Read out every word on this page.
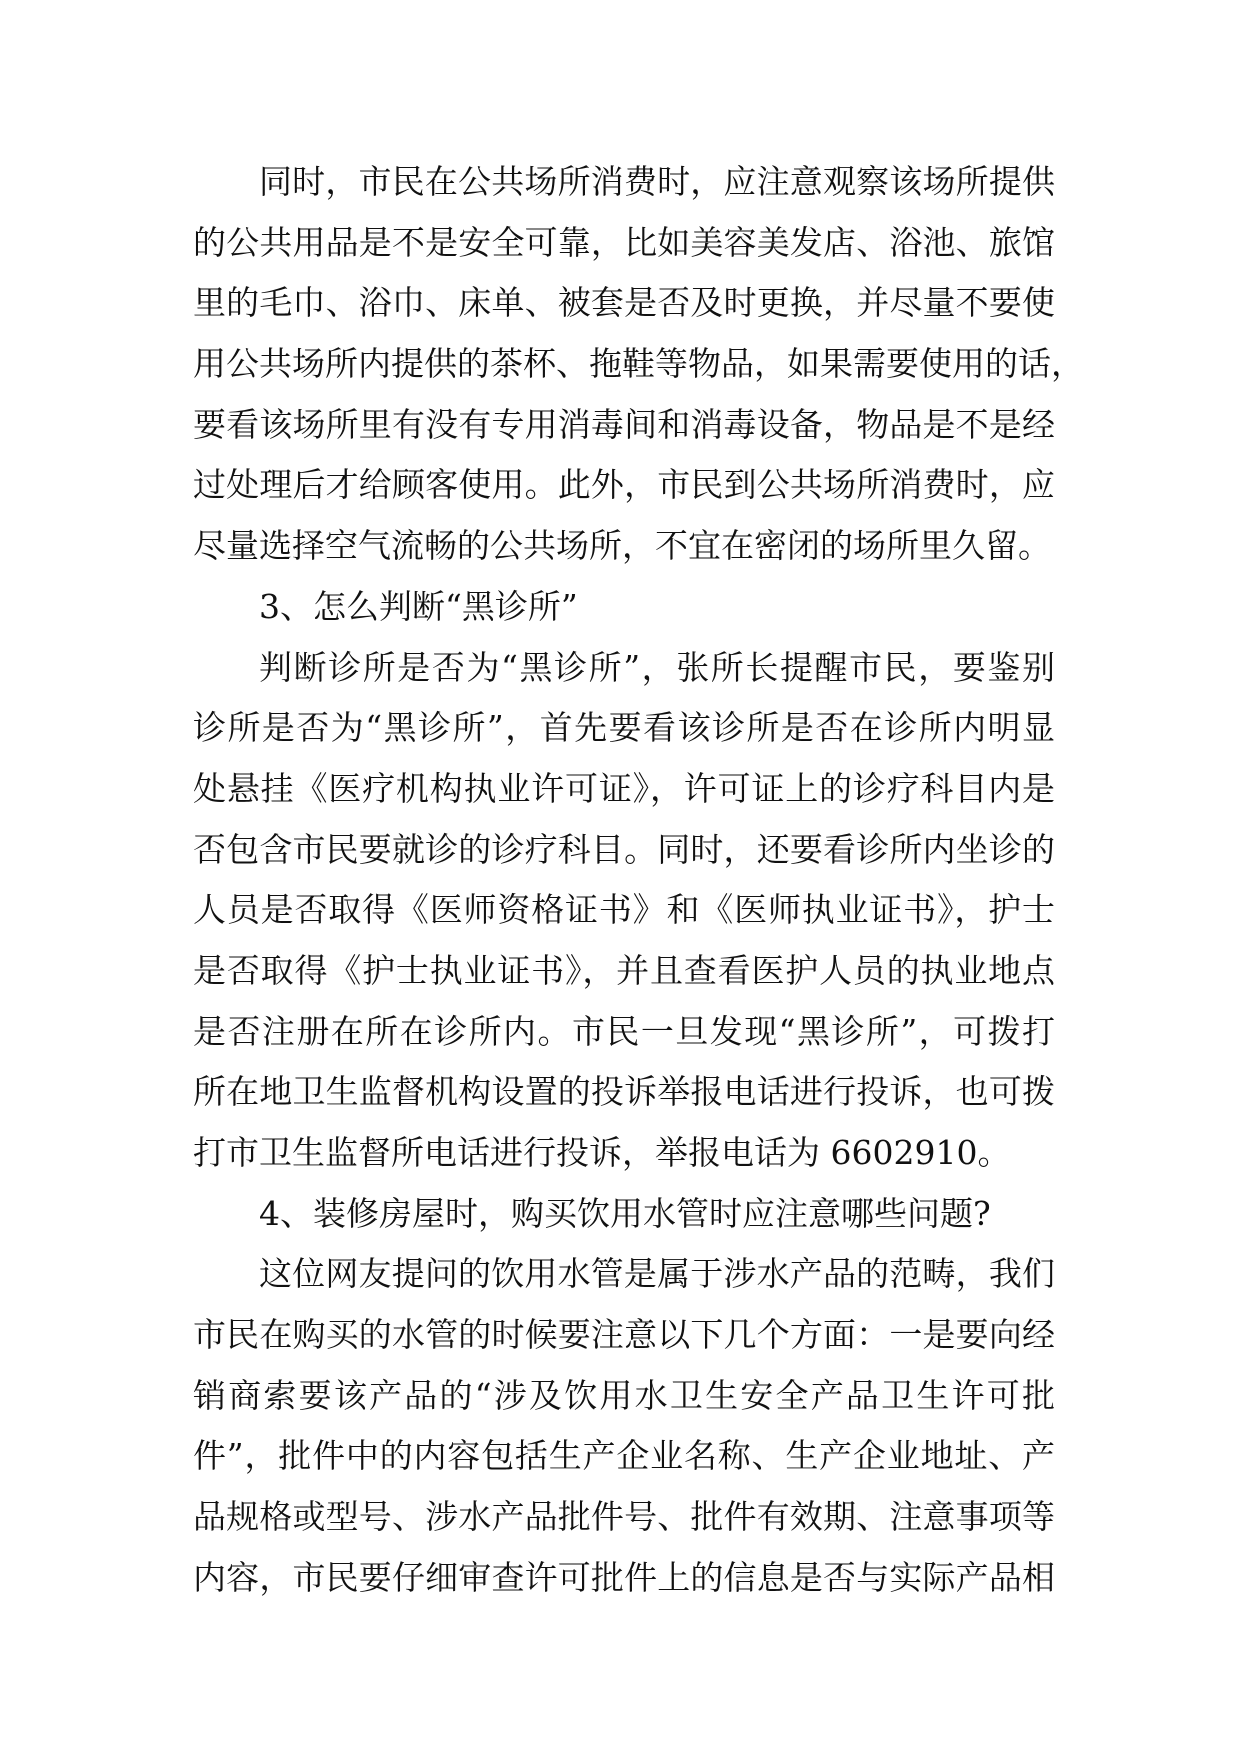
同时，市民在公共场所消费时，应注意观察该场所提供
的公共用品是不是安全可靠，比如美容美发店、浴池、旅馆
里的毛巾、浴巾、床单、被套是否及时更换，并尽量不要使
用公共场所内提供的茶杯、拖鞋等物品，如果需要使用的话，
要看该场所里有没有专用消毒间和消毒设备，物品是不是经
过处理后才给顾客使用。此外，市民到公共场所消费时，应
尽量选择空气流畅的公共场所，不宜在密闭的场所里久留。
3、怎么判断“黑诊所”
判断诊所是否为“黑诊所”，张所长提醒市民，要鉴别
诊所是否为“黑诊所”，首先要看该诊所是否在诊所内明显
处悬挂《医疗机构执业许可证》，许可证上的诊疗科目内是
否包含市民要就诊的诊疗科目。同时，还要看诊所内坐诊的
人员是否取得《医师资格证书》和《医师执业证书》，护士
是否取得《护士执业证书》，并且查看医护人员的执业地点
是否注册在所在诊所内。市民一旦发现“黑诊所”，可拨打
所在地卫生监督机构设置的投诉举报电话进行投诉，也可拨
打市卫生监督所电话进行投诉，举报电话为 6602910。
4、装修房屋时，购买饮用水管时应注意哪些问题?
这位网友提问的饮用水管是属于涉水产品的范畴，我们
市民在购买的水管的时候要注意以下几个方面：一是要向经
销商索要该产品的“涉及饮用水卫生安全产品卫生许可批
件”，批件中的内容包括生产企业名称、生产企业地址、产
品规格或型号、涉水产品批件号、批件有效期、注意事项等
内容，市民要仔细审查许可批件上的信息是否与实际产品相
